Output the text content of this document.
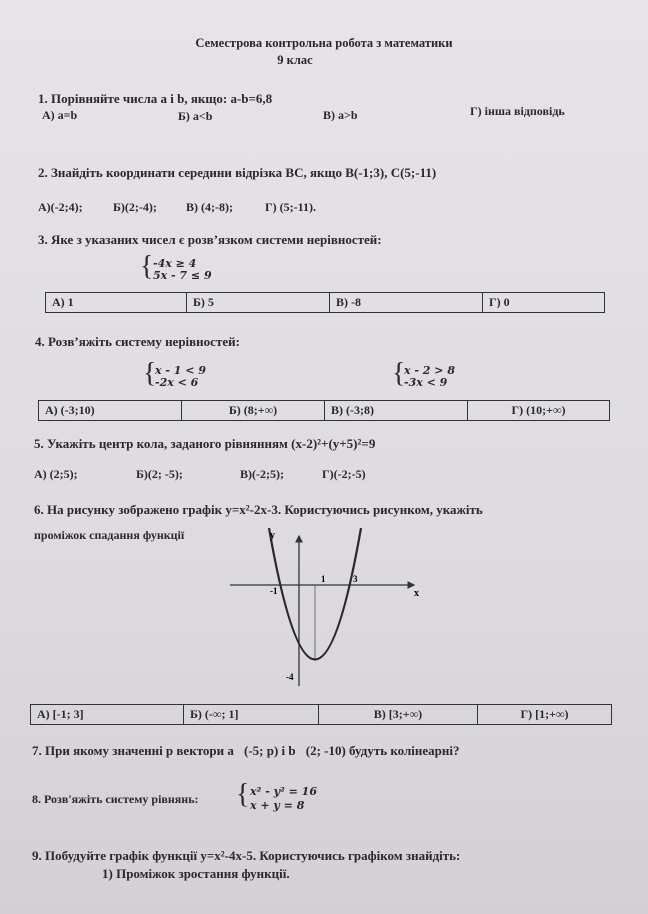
Семестрова контрольна робота з математики
9 клас
1. Порівняйте числа a і b, якщо: a-b=6,8
А) a=b	Б) a<b	В) a>b	Г) інша відповідь
2. Знайдіть координати середини відрізка ВС, якщо В(-1;3), С(5;-11)
А)(-2;4);	Б)(2;-4); В) (4;-8);	Г) (5;-11).
3. Яке з указаних чисел є розв’язком системи нерівностей:
{ -4x ≥ 4
5x - 7 ≤ 9
А) 1	Б) 5	В) -8	Г) 0
4. Розв’яжіть систему нерівностей:
{
x - 1 < 9
-2x < 6	{
x - 2 > 8
-3x < 9
А) (-3;10)	Б) (8;+∞)	В) (-3;8)	Г) (10;+∞)
5. Укажіть центр кола, заданого рівнянням (x-2)²+(y+5)²=9
А) (2;5);	Б)(2; -5);	В)(-2;5);	Г)(-2;-5)
6. На рисунку зображено графік y=x²-2x-3. Користуючись рисунком, укажіть
проміжок спадання функції	y
x
-1
1	3
-4
А) [-1; 3]	Б) (-∞; 1]	В) [3;+∞)	Г) [1;+∞)
7. При якому значенні р вектори a⃗(-5; p) і b⃗(2; -10) будуть колінеарні?
8. Розв'яжіть систему рівнянь: { x² - y² = 16
x + y = 8
9. Побудуйте графік функції y=x²-4x-5. Користуючись графіком знайдіть:
1) Проміжок зростання функції.
